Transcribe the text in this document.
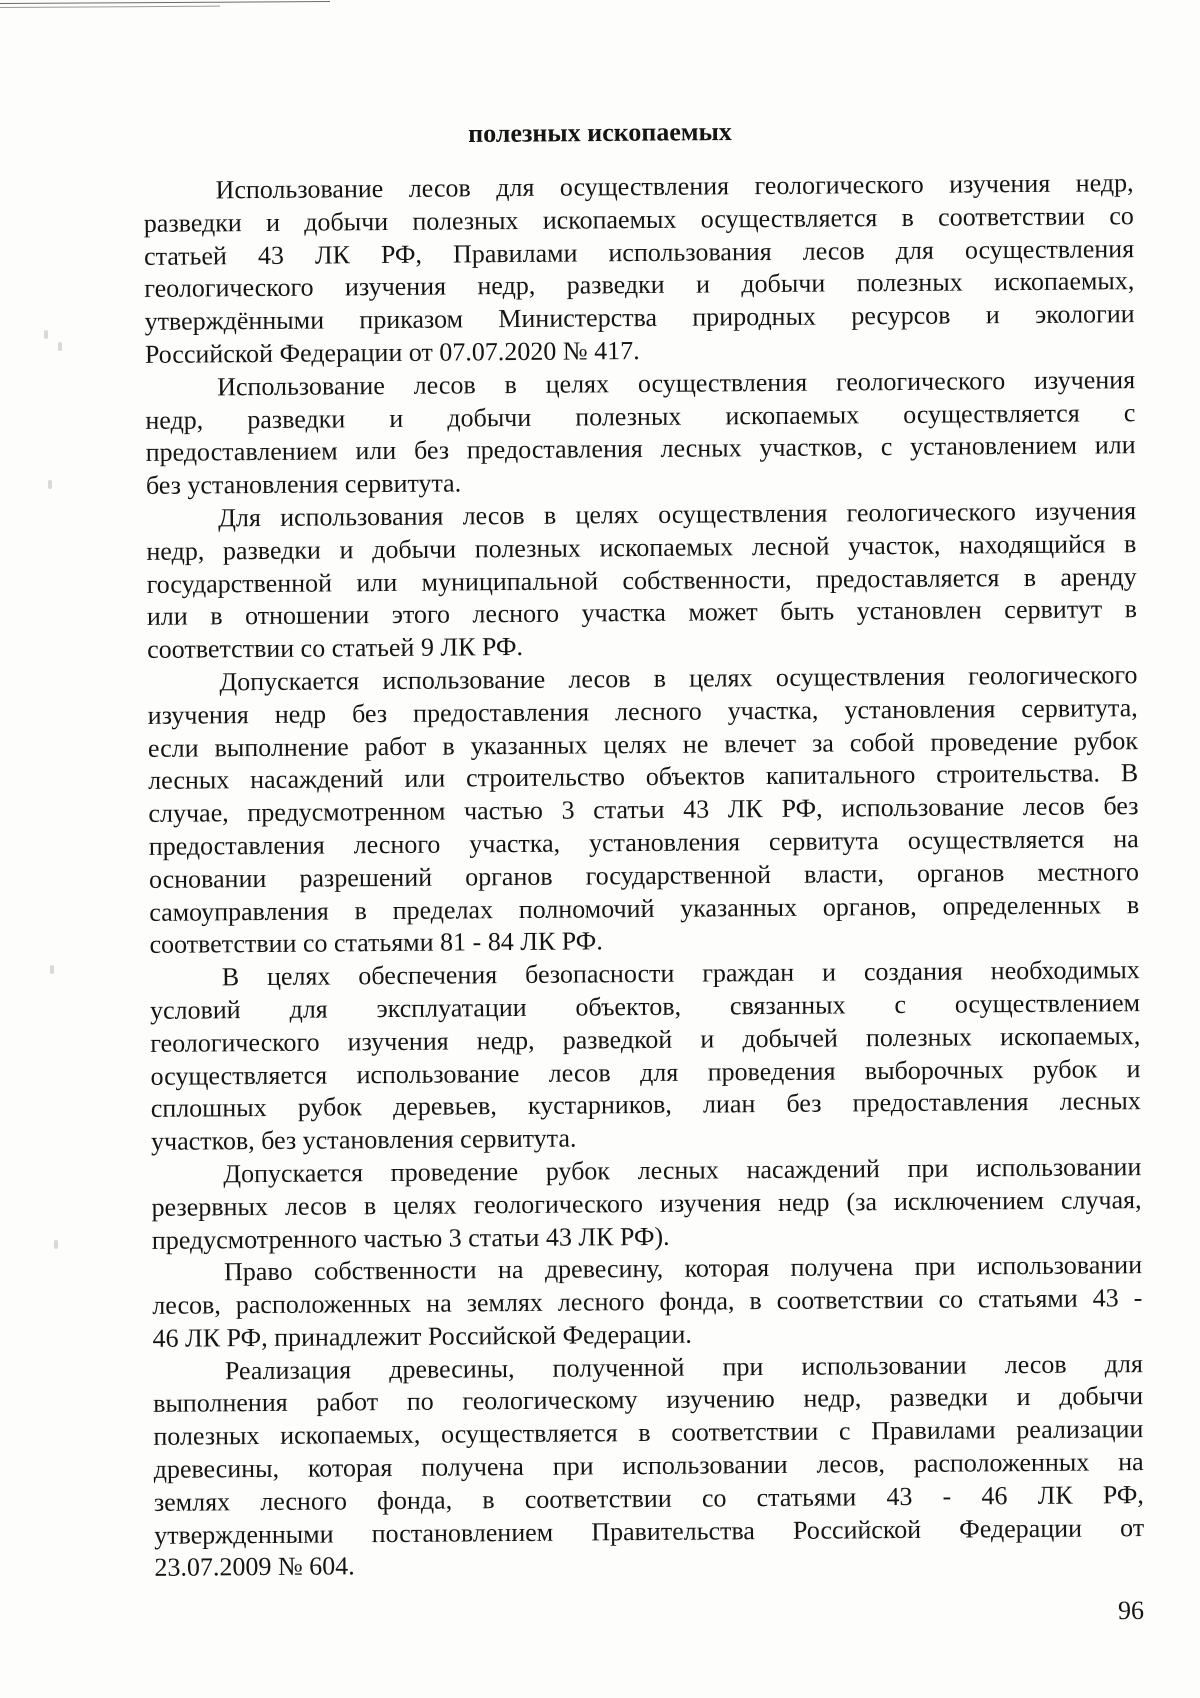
полезных ископаемых
Использование лесов для осуществления геологического изучения недр,
разведки и добычи полезных ископаемых осуществляется в соответствии со
статьей 43 ЛК РФ, Правилами использования лесов для осуществления
геологического изучения недр, разведки и добычи полезных ископаемых,
утверждёнными приказом Министерства природных ресурсов и экологии
Российской Федерации от 07.07.2020 № 417.
Использование лесов в целях осуществления геологического изучения
недр, разведки и добычи полезных ископаемых осуществляется с
предоставлением или без предоставления лесных участков, с установлением или
без установления сервитута.
Для использования лесов в целях осуществления геологического изучения
недр, разведки и добычи полезных ископаемых лесной участок, находящийся в
государственной или муниципальной собственности, предоставляется в аренду
или в отношении этого лесного участка может быть установлен сервитут в
соответствии со статьей 9 ЛК РФ.
Допускается использование лесов в целях осуществления геологического
изучения недр без предоставления лесного участка, установления сервитута,
если выполнение работ в указанных целях не влечет за собой проведение рубок
лесных насаждений или строительство объектов капитального строительства. В
случае, предусмотренном частью 3 статьи 43 ЛК РФ, использование лесов без
предоставления лесного участка, установления сервитута осуществляется на
основании разрешений органов государственной власти, органов местного
самоуправления в пределах полномочий указанных органов, определенных в
соответствии со статьями 81 - 84 ЛК РФ.
В целях обеспечения безопасности граждан и создания необходимых
условий для эксплуатации объектов, связанных с осуществлением
геологического изучения недр, разведкой и добычей полезных ископаемых,
осуществляется использование лесов для проведения выборочных рубок и
сплошных рубок деревьев, кустарников, лиан без предоставления лесных
участков, без установления сервитута.
Допускается проведение рубок лесных насаждений при использовании
резервных лесов в целях геологического изучения недр (за исключением случая,
предусмотренного частью 3 статьи 43 ЛК РФ).
Право собственности на древесину, которая получена при использовании
лесов, расположенных на землях лесного фонда, в соответствии со статьями 43 -
46 ЛК РФ, принадлежит Российской Федерации.
Реализация древесины, полученной при использовании лесов для
выполнения работ по геологическому изучению недр, разведки и добычи
полезных ископаемых, осуществляется в соответствии с Правилами реализации
древесины, которая получена при использовании лесов, расположенных на
землях лесного фонда, в соответствии со статьями 43 - 46 ЛК РФ,
утвержденными постановлением Правительства Российской Федерации от
23.07.2009 № 604.
96
